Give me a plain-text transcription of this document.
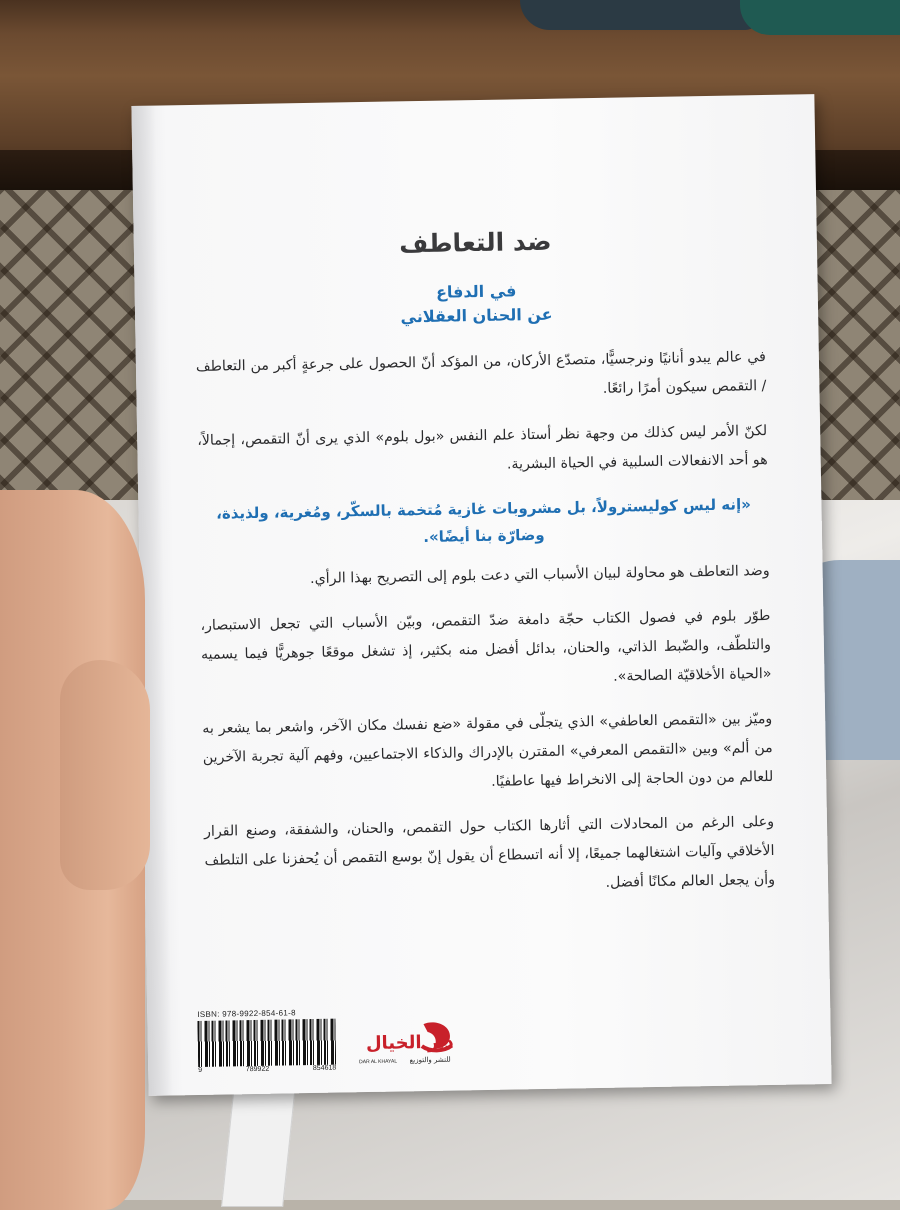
ضد التعاطف
في الدفاع
عن الحنان العقلاني

في عالم يبدو أنانيًا ونرجسيًّا، متصدّع الأركان، من المؤكد أنّ الحصول على جرعةٍ أكبر من التعاطف / التقمص سيكون أمرًا رائعًا.

لكنّ الأمر ليس كذلك من وجهة نظر أستاذ علم النفس «بول بلوم» الذي يرى أنّ التقمص، إجمالاً، هو أحد الانفعالات السلبية في الحياة البشرية.

«إنه ليس كوليسترولاً، بل مشروبات غازية مُتخمة بالسكّر، ومُغرية، ولذيذة، وضارّة بنا أيضًا».

وضد التعاطف هو محاولة لبيان الأسباب التي دعت بلوم إلى التصريح بهذا الرأي.

طوّر بلوم في فصول الكتاب حجّة دامغة ضدّ التقمص، وبيّن الأسباب التي تجعل الاستبصار، والتلطّف، والضّبط الذاتي، والحنان، بدائل أفضل منه بكثير، إذ تشغل موقعًا جوهريًّا فيما يسميه «الحياة الأخلاقيّة الصالحة».

وميّز بين «التقمص العاطفي» الذي يتجلّى في مقولة «ضع نفسك مكان الآخر، واشعر بما يشعر به من ألم» وبين «التقمص المعرفي» المقترن بالإدراك والذكاء الاجتماعيين، وفهم آلية تجربة الآخرين للعالم من دون الحاجة إلى الانخراط فيها عاطفيًا.

وعلى الرغم من المحادلات التي أثارها الكتاب حول التقمص، والحنان، والشفقة، وصنع القرار الأخلاقي وآليات اشتغالهما جميعًا، إلا أنه اتسطاع أن يقول إنّ بوسع التقمص أن يُحفزنا على التلطف وأن يجعل العالم مكانًا أفضل.

ISBN: 978-9922-854-61-8
9	789922	854618
دار الخيال
للنشر والتوزيع
DAR AL KHAYAL
